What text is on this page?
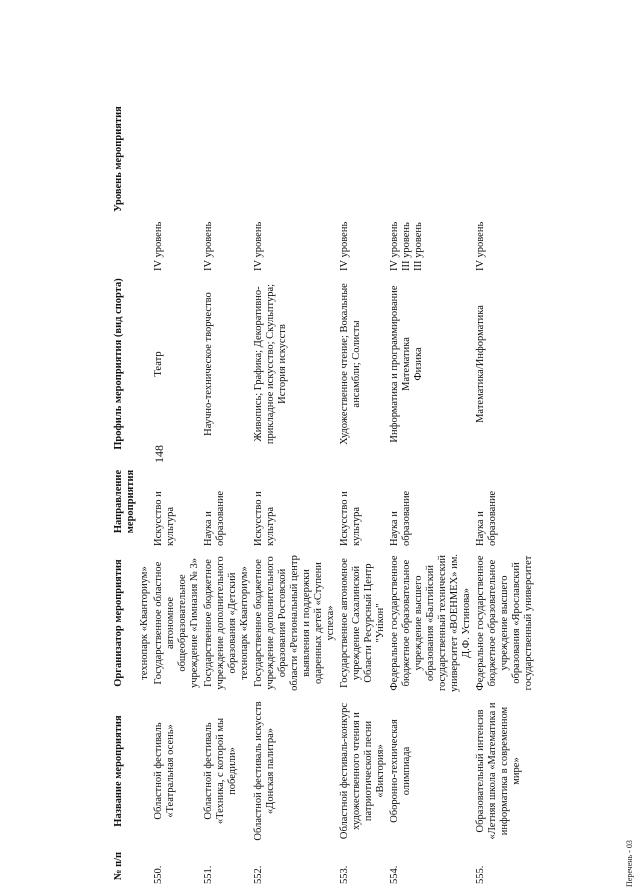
148

№ п/п	Название мероприятия	Организатор мероприятия	Направление мероприятия	Профиль мероприятия (вид спорта)	Уровень мероприятия	
		технопарк «Кванториум»				
550.	Областной фестиваль «Театральная осень»	Государственное областное автономное общеобразовательное учреждение «Гимназия № 3»	Искусство и культура	Театр	IV уровень	

551.	Областной фестиваль «Техника, с которой мы победили»	Государственное бюджетное учреждение дополнительного образования «Детский технопарк «Кванториум»	Наука и образование	Научно-техническое творчество	IV уровень	

552.	Областной фестиваль искусств «Донская палитра»	Государственное бюджетное учреждение дополнительного образования Ростовской области «Региональный центр выявления и поддержки одаренных детей «Ступени успеха»	Искусство и культура	Живопись; Графика; Декоративно-прикладное искусство; Скульптура; История искусств	IV уровень	

553.	Областной фестиваль-конкурс художественного чтения и патриотической песни «Виктория»	Государственное автономное учреждение Сахалинской Области Ресурсный Центр "Унікон"	Искусство и культура	Художественное чтение; Вокальные ансамбли; Солисты	IV уровень	

554.	Оборонно-техническая олимпиада	Федеральное государственное бюджетное образовательное учреждение высшего образования «Балтийский государственный технический университет «ВОЕНМЕХ» им. Д.Ф. Устинова»	Наука и образование	Информатика и программирование Математика Физика	IV уровень III уровень III уровень	

555.	Образовательный интенсив «Летняя школа «Математика и информатика в современном мире»	Федеральное государственное бюджетное образовательное учреждение высшего образования «Ярославский государственный университет	Наука и образование	Математика/Информатика	IV уровень	

Перечень - 03
